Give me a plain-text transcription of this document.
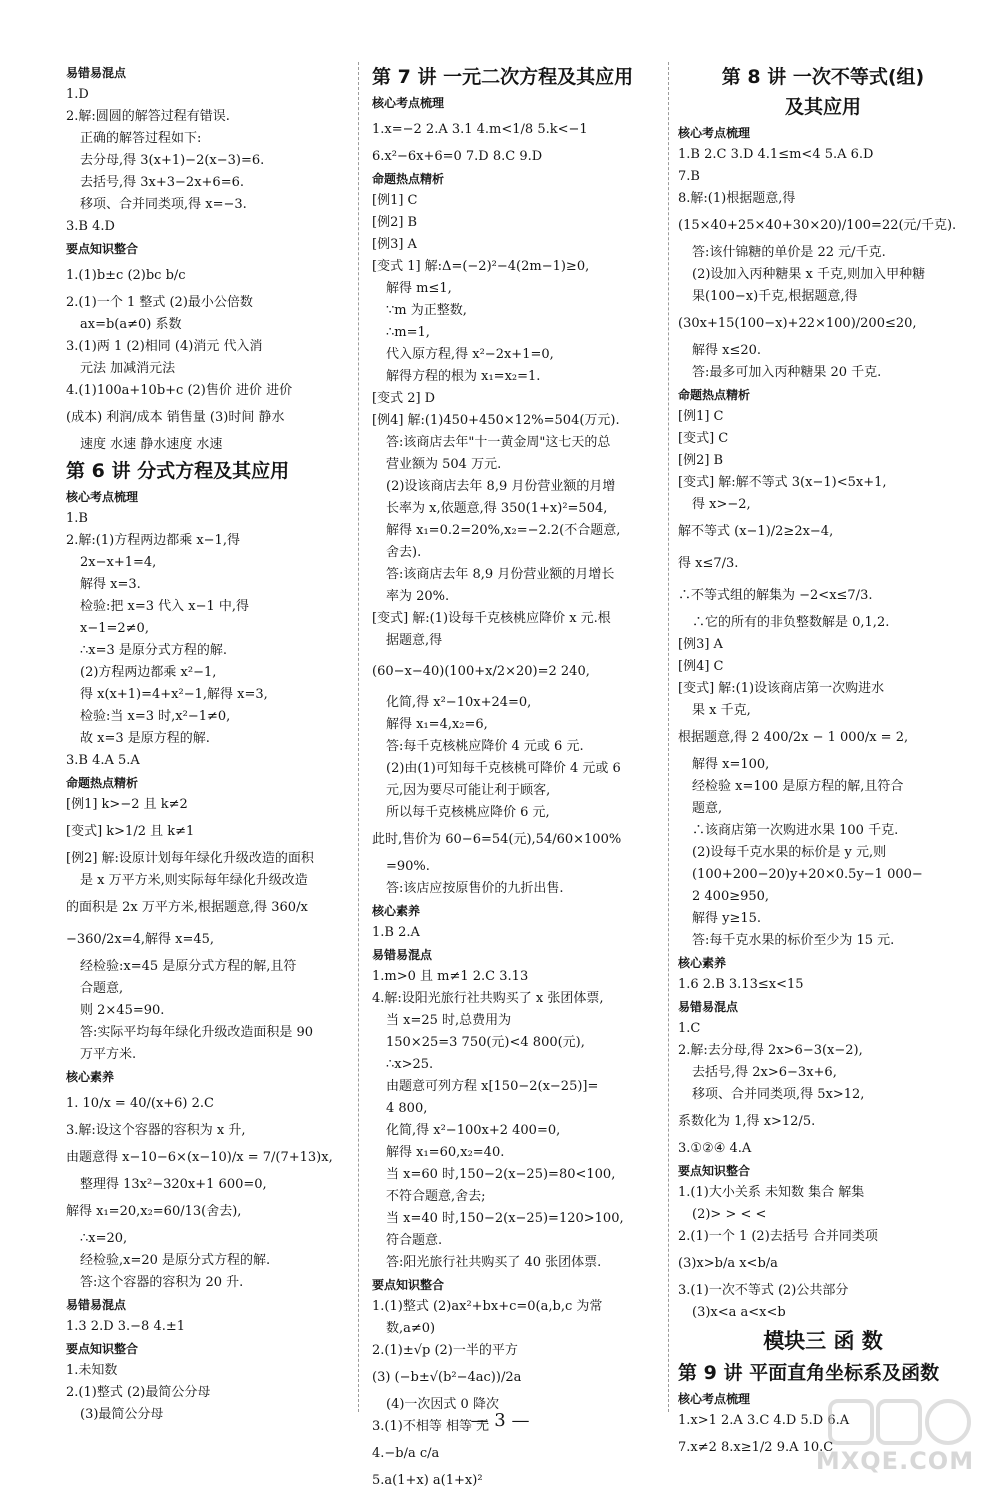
易错易混点
1.D
2.解:圆圆的解答过程有错误.
正确的解答过程如下:
去分母,得 3(x+1)−2(x−3)=6.
去括号,得 3x+3−2x+6=6.
移项、合并同类项,得 x=−3.
3.B 4.D
要点知识整合
1.(1)b±c (2)bc b/c
2.(1)一个 1 整式 (2)最小公倍数
ax=b(a≠0) 系数
3.(1)两 1 (2)相同 (4)消元 代入消
元法 加减消元法
4.(1)100a+10b+c (2)售价 进价 进价
(成本) 利润/成本 销售量 (3)时间 静水
速度 水速 静水速度 水速
第 6 讲 分式方程及其应用
核心考点梳理
1.B
2.解:(1)方程两边都乘 x−1,得
2x−x+1=4,
解得 x=3.
检验:把 x=3 代入 x−1 中,得
x−1=2≠0,
∴x=3 是原分式方程的解.
(2)方程两边都乘 x²−1,
得 x(x+1)=4+x²−1,解得 x=3,
检验:当 x=3 时,x²−1≠0,
故 x=3 是原方程的解.
3.B 4.A 5.A
命题热点精析
[例1] k>−2 且 k≠2
[变式] k>1/2 且 k≠1
[例2] 解:设原计划每年绿化升级改造的面积
是 x 万平方米,则实际每年绿化升级改造
的面积是 2x 万平方米,根据题意,得 360/x
−360/2x=4,解得 x=45,
经检验:x=45 是原分式方程的解,且符
合题意,
则 2×45=90.
答:实际平均每年绿化升级改造面积是 90
万平方米.
核心素养
1. 10/x = 40/(x+6) 2.C
3.解:设这个容器的容积为 x 升,
由题意得 x−10−6×(x−10)/x = 7/(7+13)x,
整理得 13x²−320x+1 600=0,
解得 x₁=20,x₂=60/13(舍去),
∴x=20,
经检验,x=20 是原分式方程的解.
答:这个容器的容积为 20 升.
易错易混点
1.3 2.D 3.−8 4.±1
要点知识整合
1.未知数
2.(1)整式 (2)最简公分母
(3)最简公分母
第 7 讲 一元二次方程及其应用
核心考点梳理
1.x=−2 2.A 3.1 4.m<1/8 5.k<−1
6.x²−6x+6=0 7.D 8.C 9.D
命题热点精析
[例1] C
[例2] B
[例3] A
[变式 1] 解:Δ=(−2)²−4(2m−1)≥0,
解得 m≤1,
∵m 为正整数,
∴m=1,
代入原方程,得 x²−2x+1=0,
解得方程的根为 x₁=x₂=1.
[变式 2] D
[例4] 解:(1)450+450×12%=504(万元).
答:该商店去年"十一黄金周"这七天的总
营业额为 504 万元.
(2)设该商店去年 8,9 月份营业额的月增
长率为 x,依题意,得 350(1+x)²=504,
解得 x₁=0.2=20%,x₂=−2.2(不合题意,
舍去).
答:该商店去年 8,9 月份营业额的月增长
率为 20%.
[变式] 解:(1)设每千克核桃应降价 x 元.根
据题意,得
(60−x−40)(100+x/2×20)=2 240,
化简,得 x²−10x+24=0,
解得 x₁=4,x₂=6,
答:每千克核桃应降价 4 元或 6 元.
(2)由(1)可知每千克核桃可降价 4 元或 6
元,因为要尽可能让利于顾客,
所以每千克核桃应降价 6 元,
此时,售价为 60−6=54(元),54/60×100%
=90%.
答:该店应按原售价的九折出售.
核心素养
1.B 2.A
易错易混点
1.m>0 且 m≠1 2.C 3.13
4.解:设阳光旅行社共购买了 x 张团体票,
当 x=25 时,总费用为
150×25=3 750(元)<4 800(元),
∴x>25.
由题意可列方程 x[150−2(x−25)]=
4 800,
化简,得 x²−100x+2 400=0,
解得 x₁=60,x₂=40.
当 x=60 时,150−2(x−25)=80<100,
不符合题意,舍去;
当 x=40 时,150−2(x−25)=120>100,
符合题意.
答:阳光旅行社共购买了 40 张团体票.
要点知识整合
1.(1)整式 (2)ax²+bx+c=0(a,b,c 为常
数,a≠0)
2.(1)±√p (2)一半的平方
(3) (−b±√(b²−4ac))/2a
(4)一次因式 0 降次
3.(1)不相等 相等 无
4.−b/a c/a
5.a(1+x) a(1+x)²
第 8 讲 一次不等式(组)
及其应用
核心考点梳理
1.B 2.C 3.D 4.1≤m<4 5.A 6.D
7.B
8.解:(1)根据题意,得
(15×40+25×40+30×20)/100=22(元/千克).
答:该什锦糖的单价是 22 元/千克.
(2)设加入丙种糖果 x 千克,则加入甲种糖
果(100−x)千克,根据题意,得
(30x+15(100−x)+22×100)/200≤20,
解得 x≤20.
答:最多可加入丙种糖果 20 千克.
命题热点精析
[例1] C
[变式] C
[例2] B
[变式] 解:解不等式 3(x−1)<5x+1,
得 x>−2,
解不等式 (x−1)/2≥2x−4,
得 x≤7/3.
∴不等式组的解集为 −2<x≤7/3.
∴它的所有的非负整数解是 0,1,2.
[例3] A
[例4] C
[变式] 解:(1)设该商店第一次购进水
果 x 千克,
根据题意,得 2 400/2x − 1 000/x = 2,
解得 x=100,
经检验 x=100 是原方程的解,且符合
题意,
∴该商店第一次购进水果 100 千克.
(2)设每千克水果的标价是 y 元,则
(100+200−20)y+20×0.5y−1 000−
2 400≥950,
解得 y≥15.
答:每千克水果的标价至少为 15 元.
核心素养
1.6 2.B 3.13≤x<15
易错易混点
1.C
2.解:去分母,得 2x>6−3(x−2),
去括号,得 2x>6−3x+6,
移项、合并同类项,得 5x>12,
系数化为 1,得 x>12/5.
3.①②④ 4.A
要点知识整合
1.(1)大小关系 未知数 集合 解集
(2)> > < <
2.(1)一个 1 (2)去括号 合并同类项
(3)x>b/a x<b/a
3.(1)一次不等式 (2)公共部分
(3)x<a a<x<b
模块三 函 数
第 9 讲 平面直角坐标系及函数
核心考点梳理
1.x>1 2.A 3.C 4.D 5.D 6.A
7.x≠2 8.x≥1/2 9.A 10.C
— 3 —
MXQE.COM
